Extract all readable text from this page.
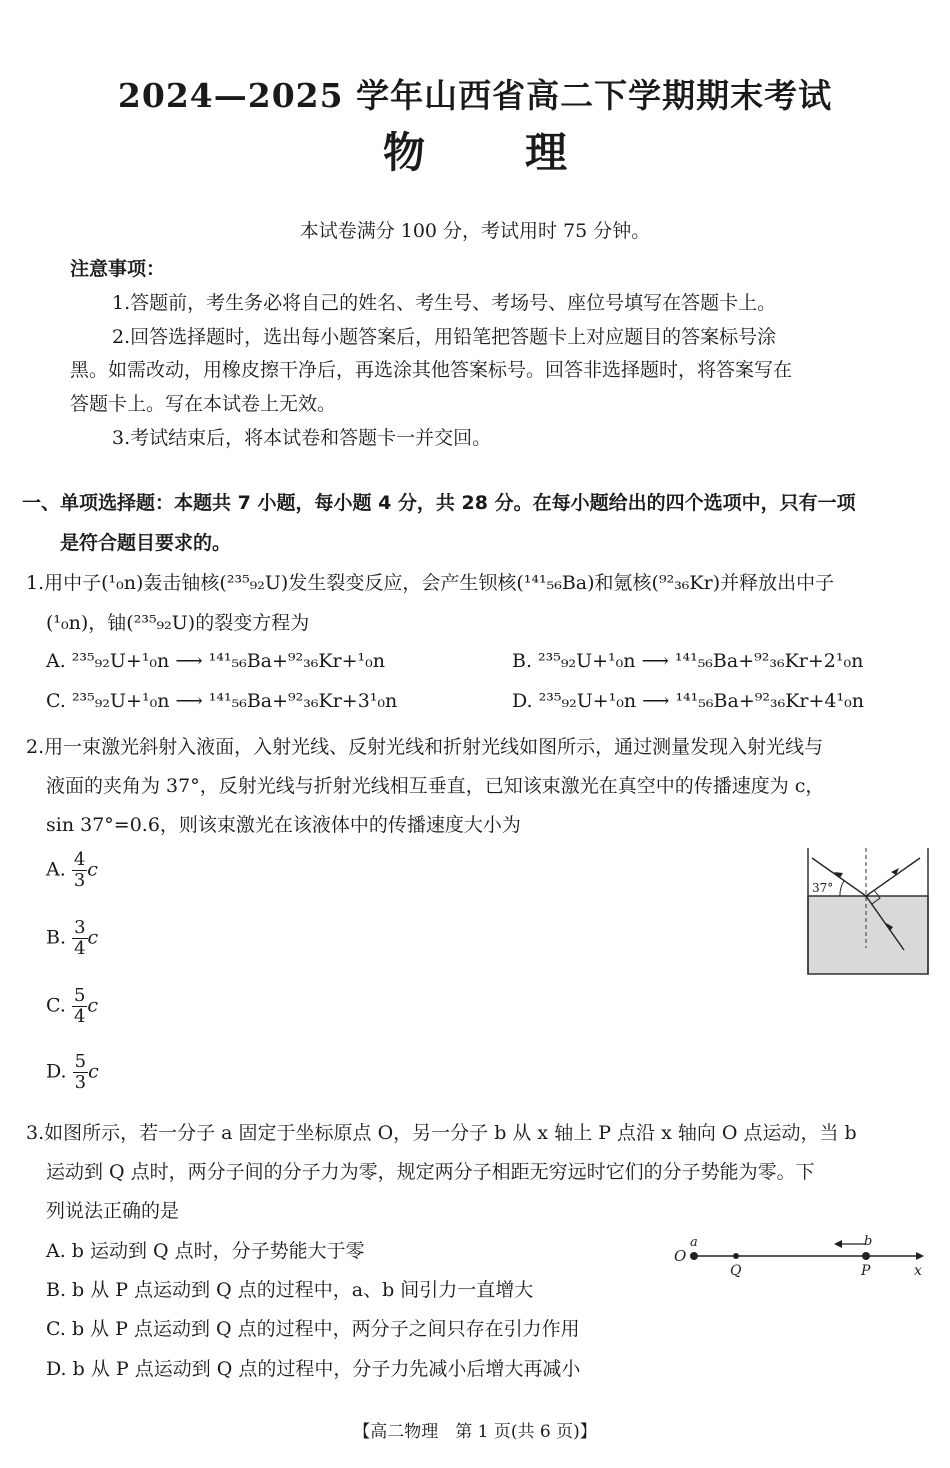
2024—2025 学年山西省高二下学期期末考试
物理
本试卷满分 100 分，考试用时 75 分钟。
注意事项：
1.答题前，考生务必将自己的姓名、考生号、考场号、座位号填写在答题卡上。
2.回答选择题时，选出每小题答案后，用铅笔把答题卡上对应题目的答案标号涂
黑。如需改动，用橡皮擦干净后，再选涂其他答案标号。回答非选择题时，将答案写在
答题卡上。写在本试卷上无效。
3.考试结束后，将本试卷和答题卡一并交回。
一、单项选择题：本题共 7 小题，每小题 4 分，共 28 分。在每小题给出的四个选项中，只有一项
是符合题目要求的。
1.用中子(¹₀n)轰击铀核(²³⁵₉₂U)发生裂变反应，会产生钡核(¹⁴¹₅₆Ba)和氪核(⁹²₃₆Kr)并释放出中子
(¹₀n)，铀(²³⁵₉₂U)的裂变方程为
A. ²³⁵₉₂U+¹₀n ⟶ ¹⁴¹₅₆Ba+⁹²₃₆Kr+¹₀n	B. ²³⁵₉₂U+¹₀n ⟶ ¹⁴¹₅₆Ba+⁹²₃₆Kr+2¹₀n
C. ²³⁵₉₂U+¹₀n ⟶ ¹⁴¹₅₆Ba+⁹²₃₆Kr+3¹₀n	D. ²³⁵₉₂U+¹₀n ⟶ ¹⁴¹₅₆Ba+⁹²₃₆Kr+4¹₀n
2.用一束激光斜射入液面，入射光线、反射光线和折射光线如图所示，通过测量发现入射光线与
液面的夹角为 37°，反射光线与折射光线相互垂直，已知该束激光在真空中的传播速度为 c，
sin 37°=0.6，则该束激光在该液体中的传播速度大小为
A. $\frac{4}{3}$ c
B. $\frac{3}{4}$ c
C. $\frac{5}{4}$ c
D. $\frac{5}{3}$ c
37°
3.如图所示，若一分子 a 固定于坐标原点 O，另一分子 b 从 x 轴上 P 点沿 x 轴向 O 点运动，当 b
运动到 Q 点时，两分子间的分子力为零，规定两分子相距无穷远时它们的分子势能为零。下
列说法正确的是
A. b 运动到 Q 点时，分子势能大于零
B. b 从 P 点运动到 Q 点的过程中，a、b 间引力一直增大
C. b 从 P 点运动到 Q 点的过程中，两分子之间只存在引力作用
D. b 从 P 点运动到 Q 点的过程中，分子力先减小后增大再减小
O
a
Q
b
P	x
【高二物理　第 1 页(共 6 页)】
